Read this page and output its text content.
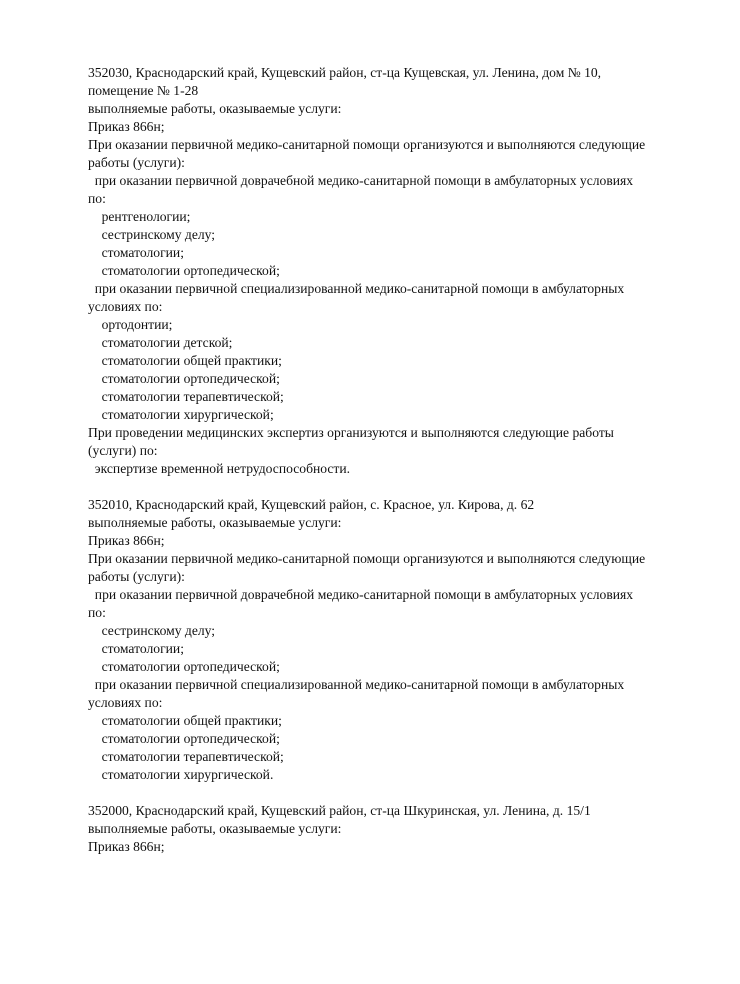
352030, Краснодарский край, Кущевский район, ст-ца Кущевская, ул. Ленина, дом № 10,
помещение № 1-28
выполняемые работы, оказываемые услуги:
Приказ 866н;
При оказании первичной медико-санитарной помощи организуются и выполняются следующие
работы (услуги):
при оказании первичной доврачебной медико-санитарной помощи в амбулаторных условиях
по:
рентгенологии;
сестринскому делу;
стоматологии;
стоматологии ортопедической;
при оказании первичной специализированной медико-санитарной помощи в амбулаторных
условиях по:
ортодонтии;
стоматологии детской;
стоматологии общей практики;
стоматологии ортопедической;
стоматологии терапевтической;
стоматологии хирургической;
При проведении медицинских экспертиз организуются и выполняются следующие работы
(услуги) по:
экспертизе временной нетрудоспособности.
352010, Краснодарский край, Кущевский район, с. Красное, ул. Кирова, д. 62
выполняемые работы, оказываемые услуги:
Приказ 866н;
При оказании первичной медико-санитарной помощи организуются и выполняются следующие
работы (услуги):
при оказании первичной доврачебной медико-санитарной помощи в амбулаторных условиях
по:
сестринскому делу;
стоматологии;
стоматологии ортопедической;
при оказании первичной специализированной медико-санитарной помощи в амбулаторных
условиях по:
стоматологии общей практики;
стоматологии ортопедической;
стоматологии терапевтической;
стоматологии хирургической.
352000, Краснодарский край, Кущевский район, ст-ца Шкуринская, ул. Ленина, д. 15/1
выполняемые работы, оказываемые услуги:
Приказ 866н;
